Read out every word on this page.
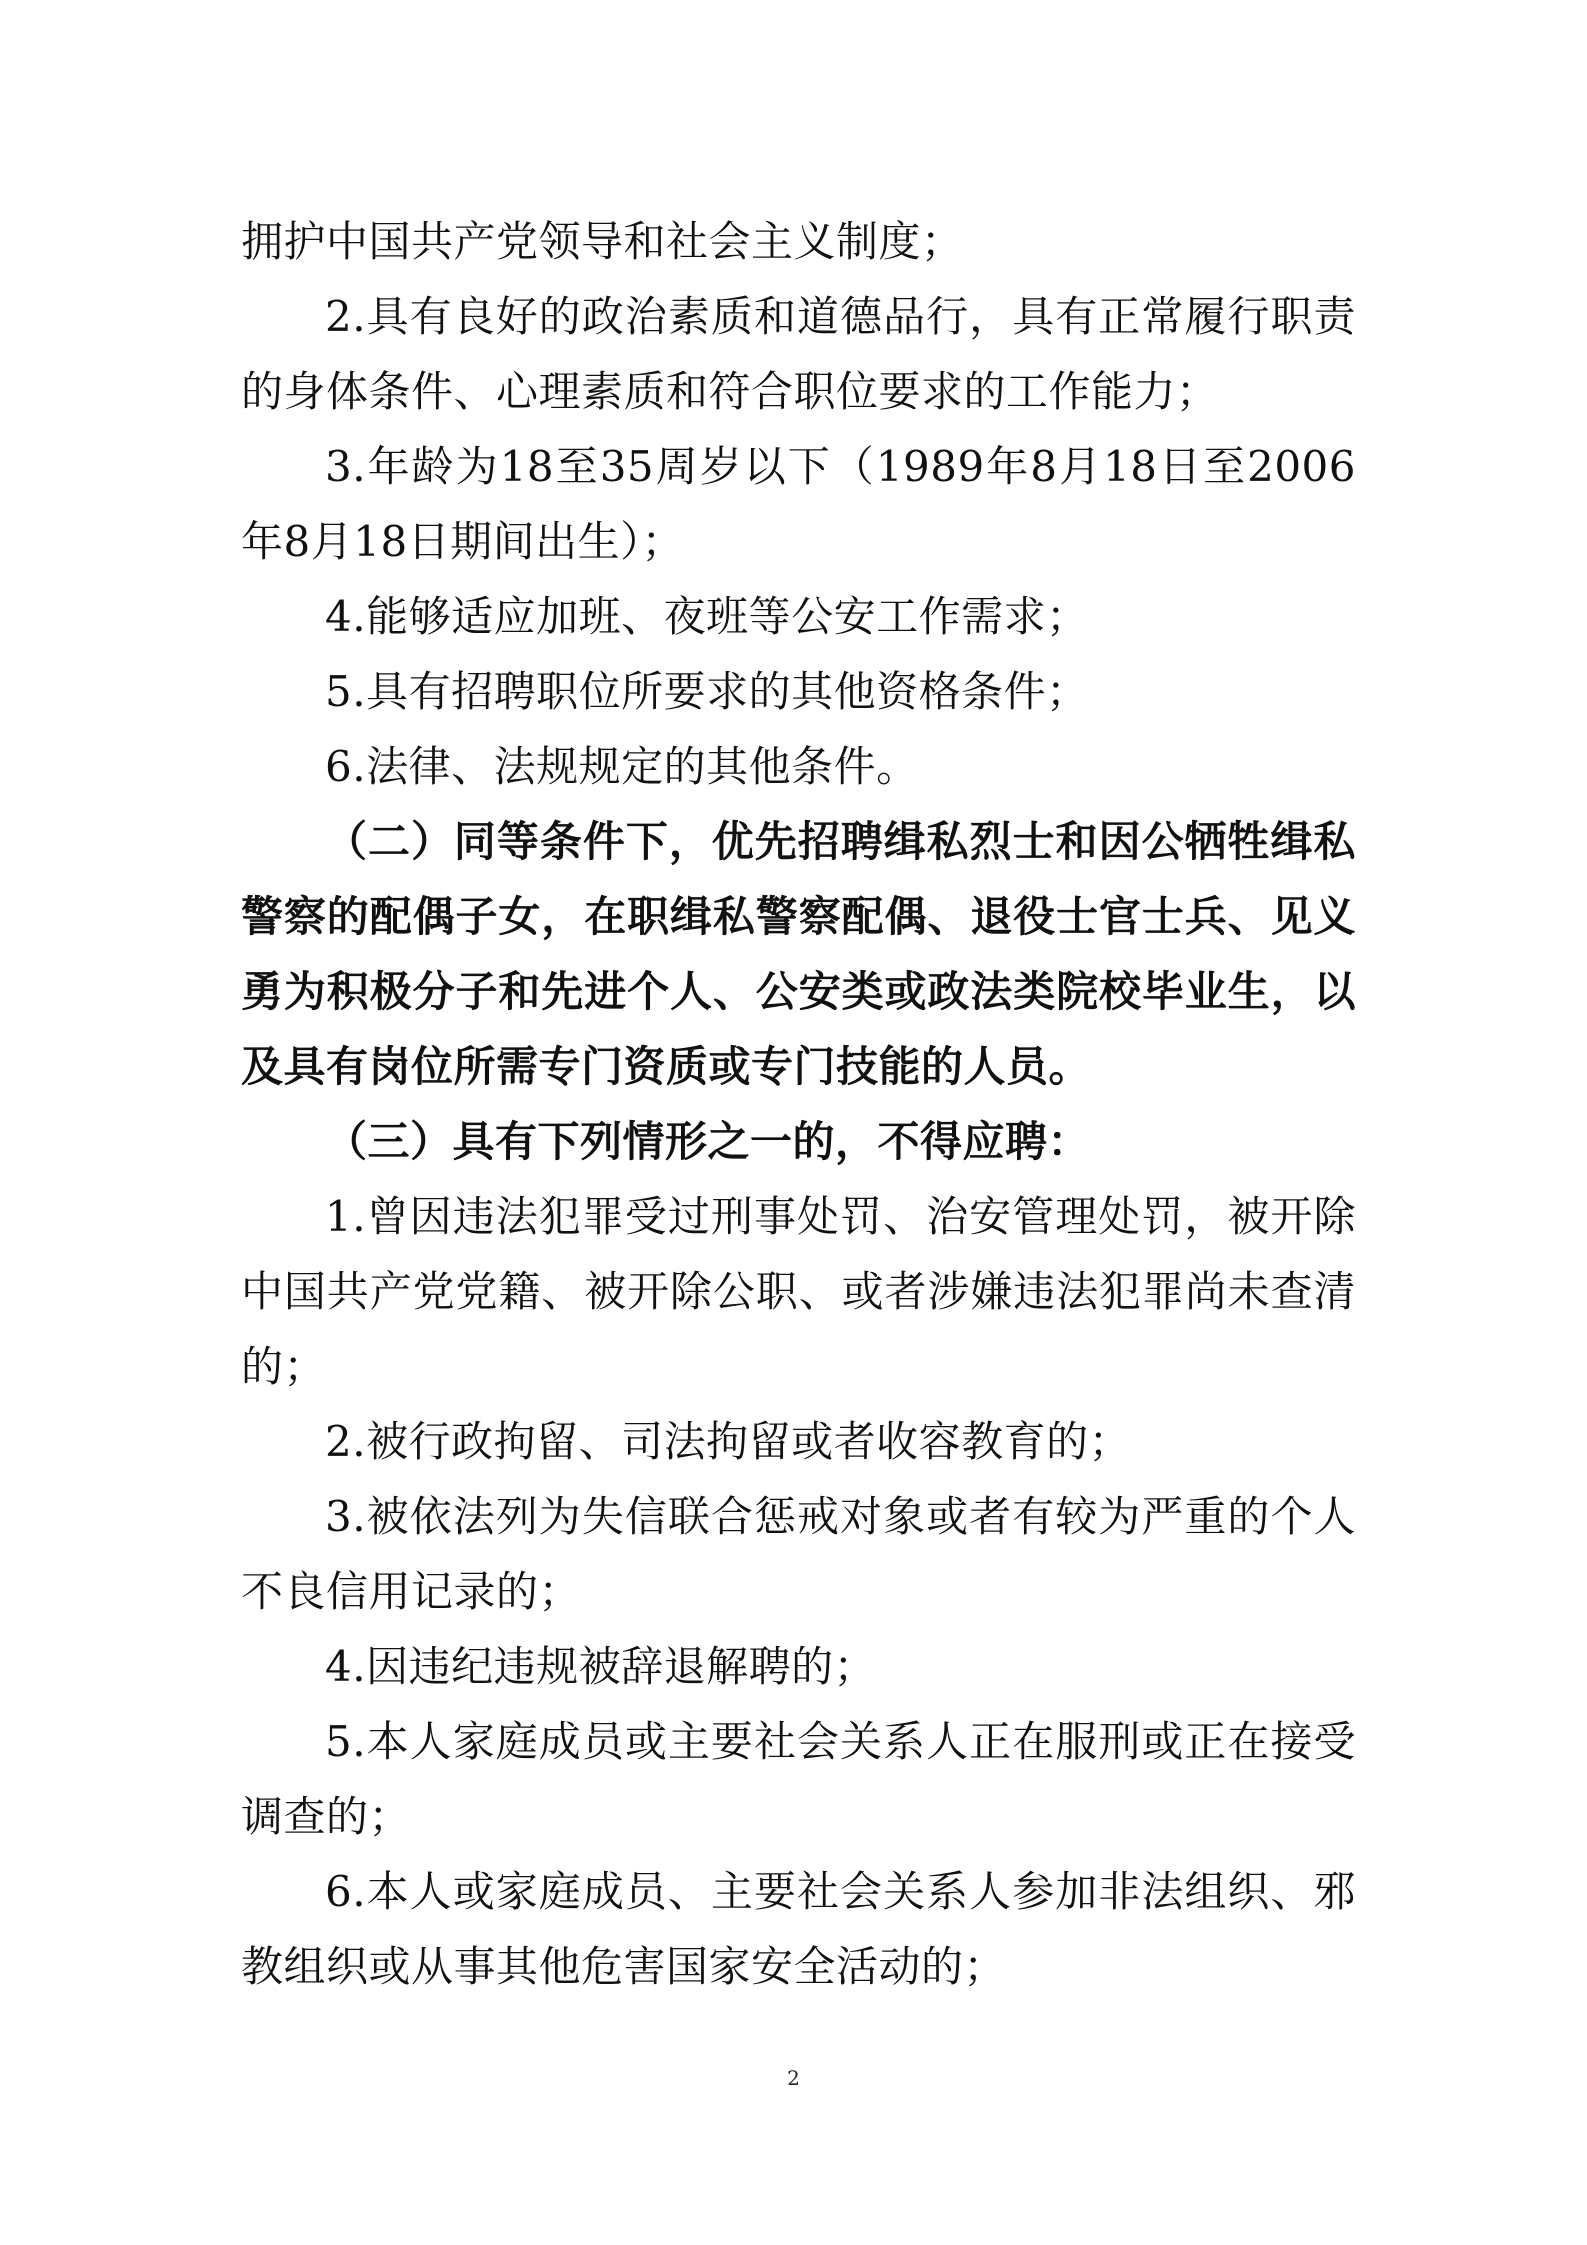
拥护中国共产党领导和社会主义制度；

2.具有良好的政治素质和道德品行，具有正常履行职责的身体条件、心理素质和符合职位要求的工作能力；

3.年龄为18至35周岁以下（1989年8月18日至2006年8月18日期间出生）；

4.能够适应加班、夜班等公安工作需求；

5.具有招聘职位所要求的其他资格条件；

6.法律、法规规定的其他条件。

（二）同等条件下，优先招聘缉私烈士和因公牺牲缉私警察的配偶子女，在职缉私警察配偶、退役士官士兵、见义勇为积极分子和先进个人、公安类或政法类院校毕业生，以及具有岗位所需专门资质或专门技能的人员。

（三）具有下列情形之一的，不得应聘：

1.曾因违法犯罪受过刑事处罚、治安管理处罚，被开除中国共产党党籍、被开除公职、或者涉嫌违法犯罪尚未查清的；

2.被行政拘留、司法拘留或者收容教育的；

3.被依法列为失信联合惩戒对象或者有较为严重的个人不良信用记录的；

4.因违纪违规被辞退解聘的；

5.本人家庭成员或主要社会关系人正在服刑或正在接受调查的；

6.本人或家庭成员、主要社会关系人参加非法组织、邪教组织或从事其他危害国家安全活动的；

2
